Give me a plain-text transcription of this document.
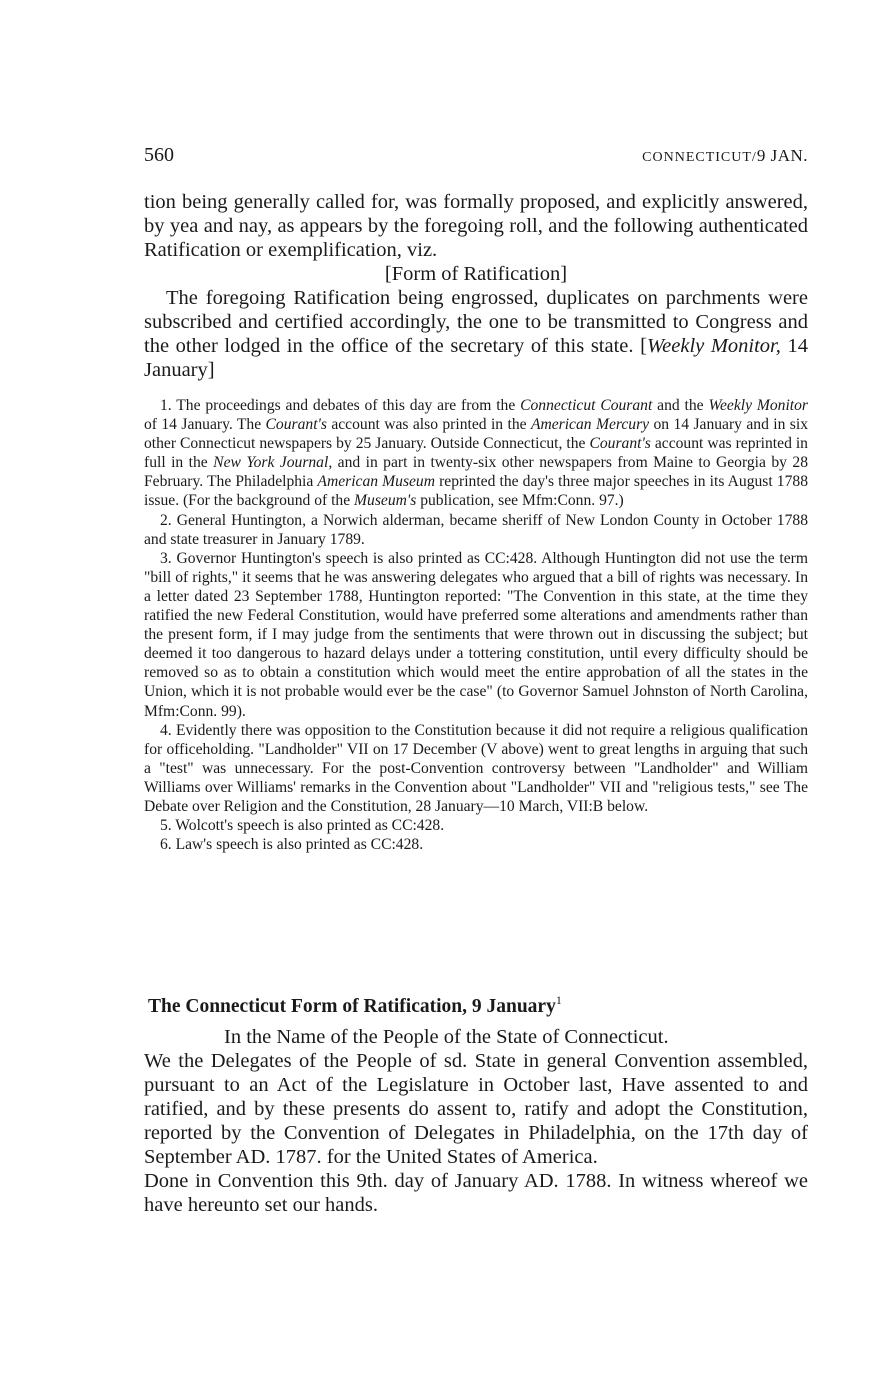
560	CONNECTICUT/9 JAN.

tion being generally called for, was formally proposed, and explicitly answered, by yea and nay, as appears by the foregoing roll, and the following authenticated Ratification or exemplification, viz.

[Form of Ratification]

The foregoing Ratification being engrossed, duplicates on parchments were subscribed and certified accordingly, the one to be transmitted to Congress and the other lodged in the office of the secretary of this state. [Weekly Monitor, 14 January]

1. The proceedings and debates of this day are from the Connecticut Courant and the Weekly Monitor of 14 January. The Courant's account was also printed in the American Mercury on 14 January and in six other Connecticut newspapers by 25 January. Outside Connecticut, the Courant's account was reprinted in full in the New York Journal, and in part in twenty-six other newspapers from Maine to Georgia by 28 February. The Philadelphia American Museum reprinted the day's three major speeches in its August 1788 issue. (For the background of the Museum's publication, see Mfm:Conn. 97.)

2. General Huntington, a Norwich alderman, became sheriff of New London County in October 1788 and state treasurer in January 1789.

3. Governor Huntington's speech is also printed as CC:428. Although Huntington did not use the term "bill of rights," it seems that he was answering delegates who argued that a bill of rights was necessary. In a letter dated 23 September 1788, Huntington reported: "The Convention in this state, at the time they ratified the new Federal Constitution, would have preferred some alterations and amendments rather than the present form, if I may judge from the sentiments that were thrown out in discussing the subject; but deemed it too dangerous to hazard delays under a tottering constitution, until every difficulty should be removed so as to obtain a constitution which would meet the entire approbation of all the states in the Union, which it is not probable would ever be the case" (to Governor Samuel Johnston of North Carolina, Mfm:Conn. 99).

4. Evidently there was opposition to the Constitution because it did not require a religious qualification for officeholding. "Landholder" VII on 17 December (V above) went to great lengths in arguing that such a "test" was unnecessary. For the post-Convention controversy between "Landholder" and William Williams over Williams' remarks in the Convention about "Landholder" VII and "religious tests," see The Debate over Religion and the Constitution, 28 January—10 March, VII:B below.

5. Wolcott's speech is also printed as CC:428.

6. Law's speech is also printed as CC:428.

The Connecticut Form of Ratification, 9 January$^1$

In the Name of the People of the State of Connecticut.

We the Delegates of the People of sd. State in general Convention assembled, pursuant to an Act of the Legislature in October last, Have assented to and ratified, and by these presents do assent to, ratify and adopt the Constitution, reported by the Convention of Delegates in Philadelphia, on the 17th day of September AD. 1787. for the United States of America.

Done in Convention this 9th. day of January AD. 1788. In witness whereof we have hereunto set our hands.
